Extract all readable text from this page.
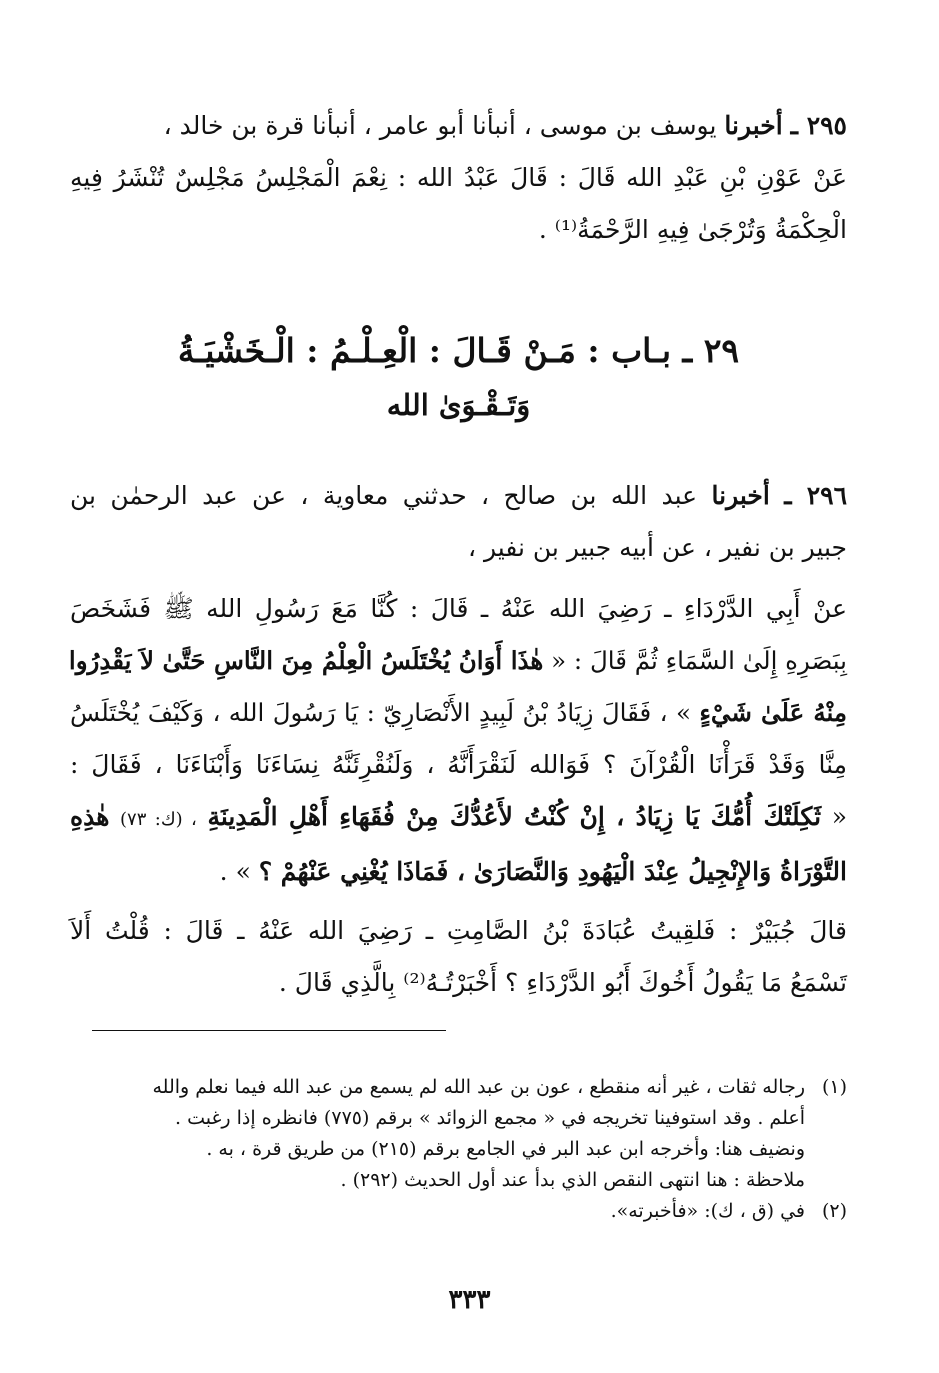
٢٩٥ ـ أخبرنا يوسف بن موسى ، أنبأنا أبو عامر ، أنبأنا قرة بن خالد ،
عَنْ عَوْنِ بْنِ عَبْدِ الله قَالَ : قَالَ عَبْدُ الله : نِعْمَ الْمَجْلِسُ مَجْلِسٌ تُنْشَرُ فِيهِ
الْحِكْمَةُ وَتُرْجَىٰ فِيهِ الرَّحْمَةُ⁽¹⁾ .
٢٩ ـ بـاب : مَـنْ قَـالَ : الْعِـلْـمُ : الْـخَشْيَـةُ
وَتَـقْـوَىٰ الله
٢٩٦ ـ أخبرنا عبد الله بن صالح ، حدثني معاوية ، عن عبد الرحمٰن بن
جبير بن نفير ، عن أبيه جبير بن نفير ،
عنْ أَبِي الدَّرْدَاءِ ـ رَضِيَ الله عَنْهُ ـ قَالَ : كُنَّا مَعَ رَسُولِ الله ﷺ فَشَخَصَ
بِبَصَرِهِ إِلَىٰ السَّمَاءِ ثُمَّ قَالَ : « هٰذَا أَوَانُ يُخْتَلَسُ الْعِلْمُ مِنَ النَّاسِ حَتَّىٰ لاَ يَقْدِرُوا
مِنْهُ عَلَىٰ شَيْءٍ » ، فَقَالَ زِيَادُ بْنُ لَبِيدٍ الأَنْصَارِيّ : يَا رَسُولَ الله ، وَكَيْفَ يُخْتَلَسُ
مِنَّا وَقَدْ قَرَأْنَا الْقُرْآنَ ؟ فَوَالله لَنَقْرَأَنَّهُ ، وَلَنُقْرِئَنَّهُ نِسَاءَنَا وَأَبْنَاءَنَا ، فَقَالَ :
« ثَكِلَتْكَ أُمُّكَ يَا زِيَادُ ، إِنْ كُنْتُ لأَعُدُّكَ مِنْ فُقَهَاءِ أَهْلِ الْمَدِينَةِ ، (ك: ٧٣) هٰذِهِ
التَّوْرَاةُ وَالإِنْجِيلُ عِنْدَ الْيَهُودِ وَالنَّصَارَىٰ ، فَمَاذَا يُغْنِي عَنْهُمْ ؟ » .
قالَ جُبَيْرٌ : فَلقِيتُ عُبَادَةَ بْنُ الصَّامِتِ ـ رَضِيَ الله عَنْهُ ـ قَالَ : قُلْتُ أَلاَ
تَسْمَعُ مَا يَقُولُ أَخُوكَ أَبُو الدَّرْدَاءِ ؟ أَخْبَرْتُـهُ⁽²⁾ بِالَّذِي قَالَ .
(١)رجاله ثقات ، غير أنه منقطع ، عون بن عبد الله لم يسمع من عبد الله فيما نعلم والله
أعلم . وقد استوفينا تخريجه في « مجمع الزوائد » برقم (٧٧٥) فانظره إذا رغبت .
ونضيف هنا: وأخرجه ابن عبد البر في الجامع برقم (٢١٥) من طريق قرة ، به .
ملاحظة : هنا انتهى النقص الذي بدأ عند أول الحديث (٢٩٢) .
(٢)في (ق ، ك): «فأخبرته».
٣٣٣
